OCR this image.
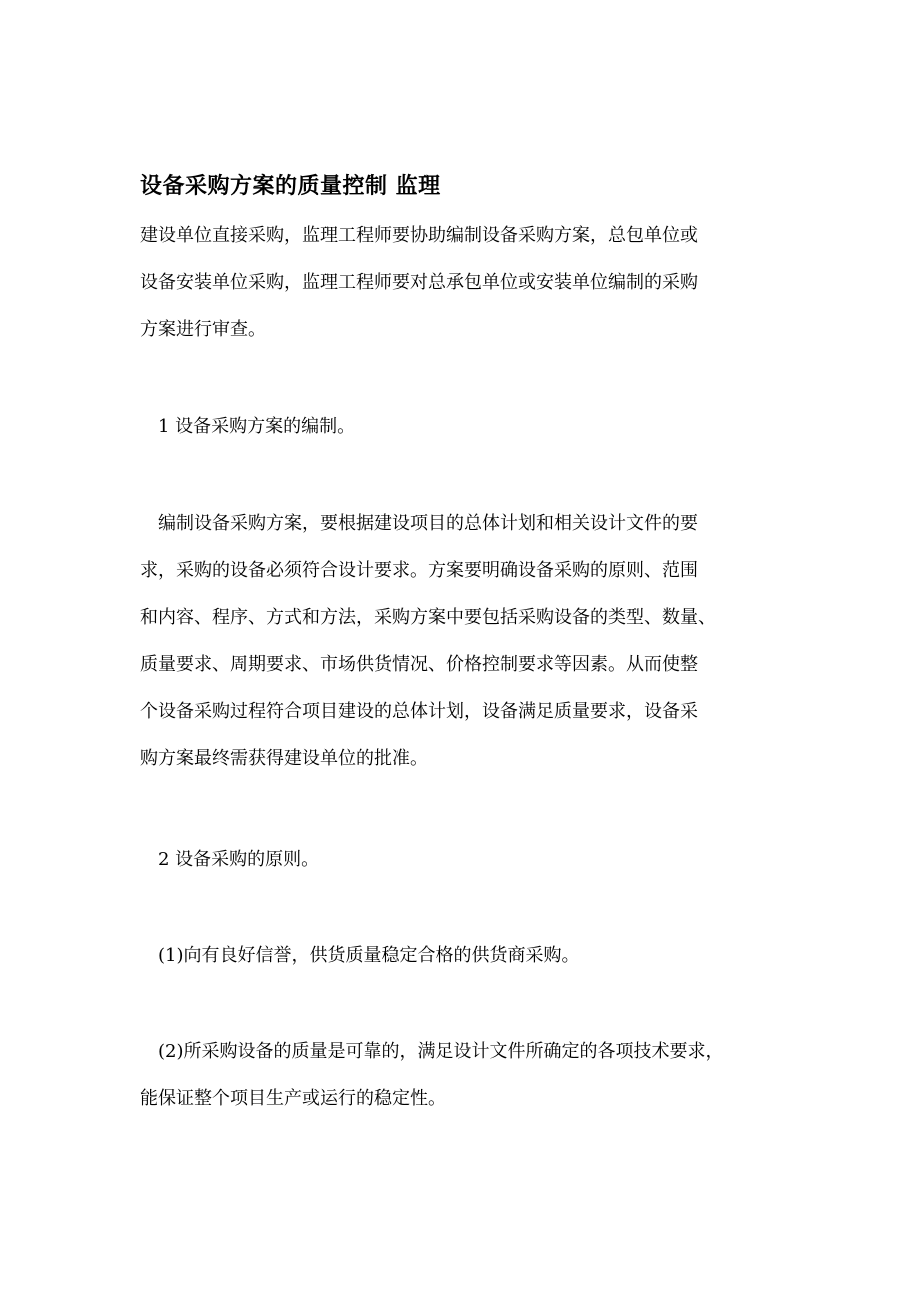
设备采购方案的质量控制 监理
建设单位直接采购，监理工程师要协助编制设备采购方案，总包单位或
设备安装单位采购，监理工程师要对总承包单位或安装单位编制的采购
方案进行审查。
1 设备采购方案的编制。
编制设备采购方案，要根据建设项目的总体计划和相关设计文件的要
求，采购的设备必须符合设计要求。方案要明确设备采购的原则、范围
和内容、程序、方式和方法，采购方案中要包括采购设备的类型、数量、
质量要求、周期要求、市场供货情况、价格控制要求等因素。从而使整
个设备采购过程符合项目建设的总体计划，设备满足质量要求，设备采
购方案最终需获得建设单位的批准。
2 设备采购的原则。
(1)向有良好信誉，供货质量稳定合格的供货商采购。
(2)所采购设备的质量是可靠的，满足设计文件所确定的各项技术要求，
能保证整个项目生产或运行的稳定性。
